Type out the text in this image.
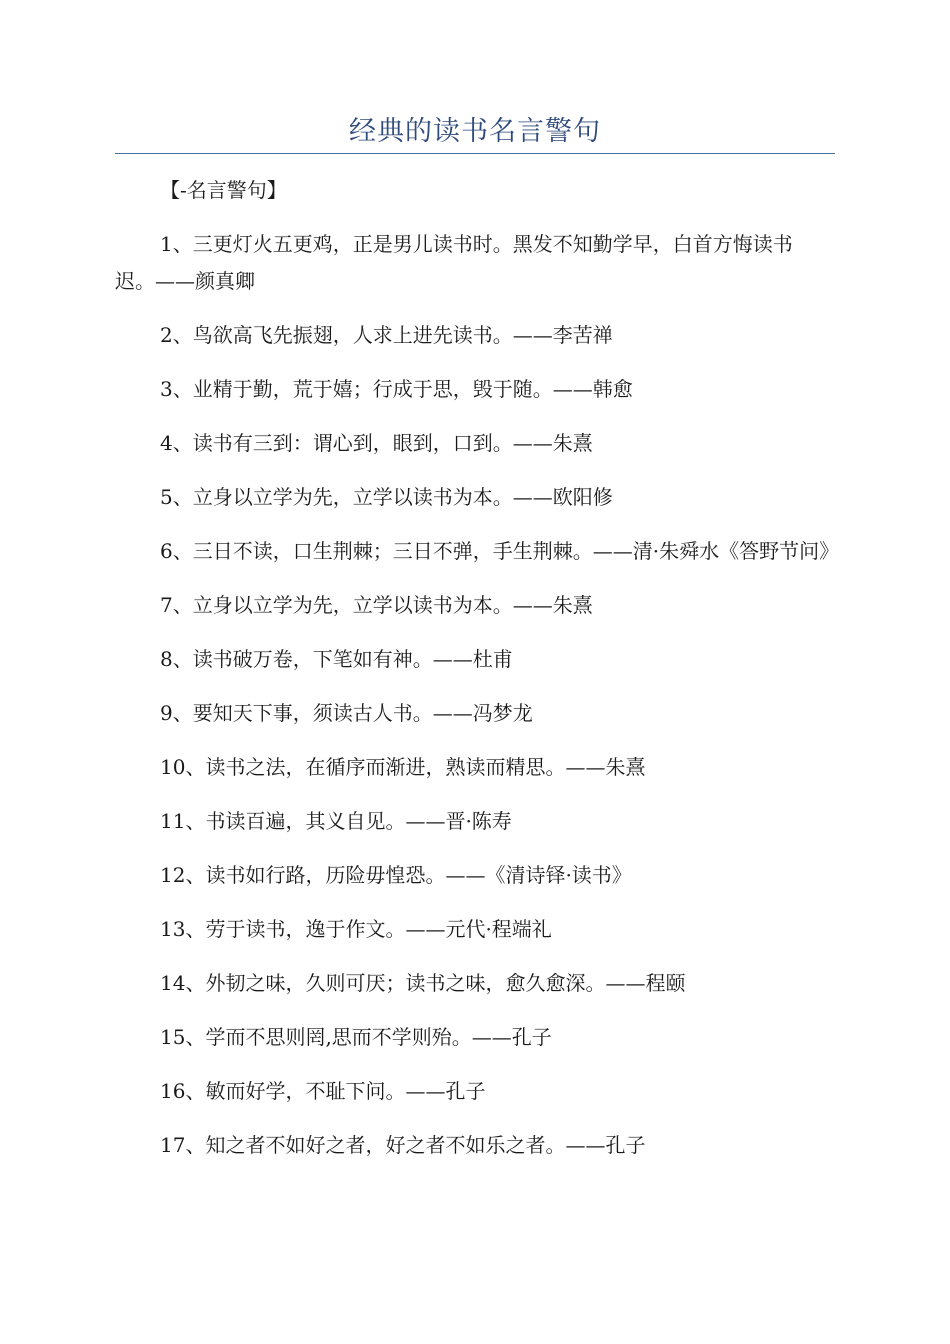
经典的读书名言警句

【-名言警句】

1、三更灯火五更鸡，正是男儿读书时。黑发不知勤学早，白首方悔读书迟。——颜真卿

2、鸟欲高飞先振翅，人求上进先读书。——李苦禅

3、业精于勤，荒于嬉；行成于思，毁于随。——韩愈

4、读书有三到：谓心到，眼到，口到。——朱熹

5、立身以立学为先，立学以读书为本。——欧阳修

6、三日不读，口生荆棘；三日不弹，手生荆棘。——清·朱舜水《答野节问》

7、立身以立学为先，立学以读书为本。——朱熹

8、读书破万卷，下笔如有神。——杜甫

9、要知天下事，须读古人书。——冯梦龙

10、读书之法，在循序而渐进，熟读而精思。——朱熹

11、书读百遍，其义自见。——晋·陈寿

12、读书如行路，历险毋惶恐。——《清诗铎·读书》

13、劳于读书，逸于作文。——元代·程端礼

14、外韧之味，久则可厌；读书之味，愈久愈深。——程颐

15、学而不思则罔,思而不学则殆。——孔子

16、敏而好学，不耻下问。——孔子

17、知之者不如好之者，好之者不如乐之者。——孔子
